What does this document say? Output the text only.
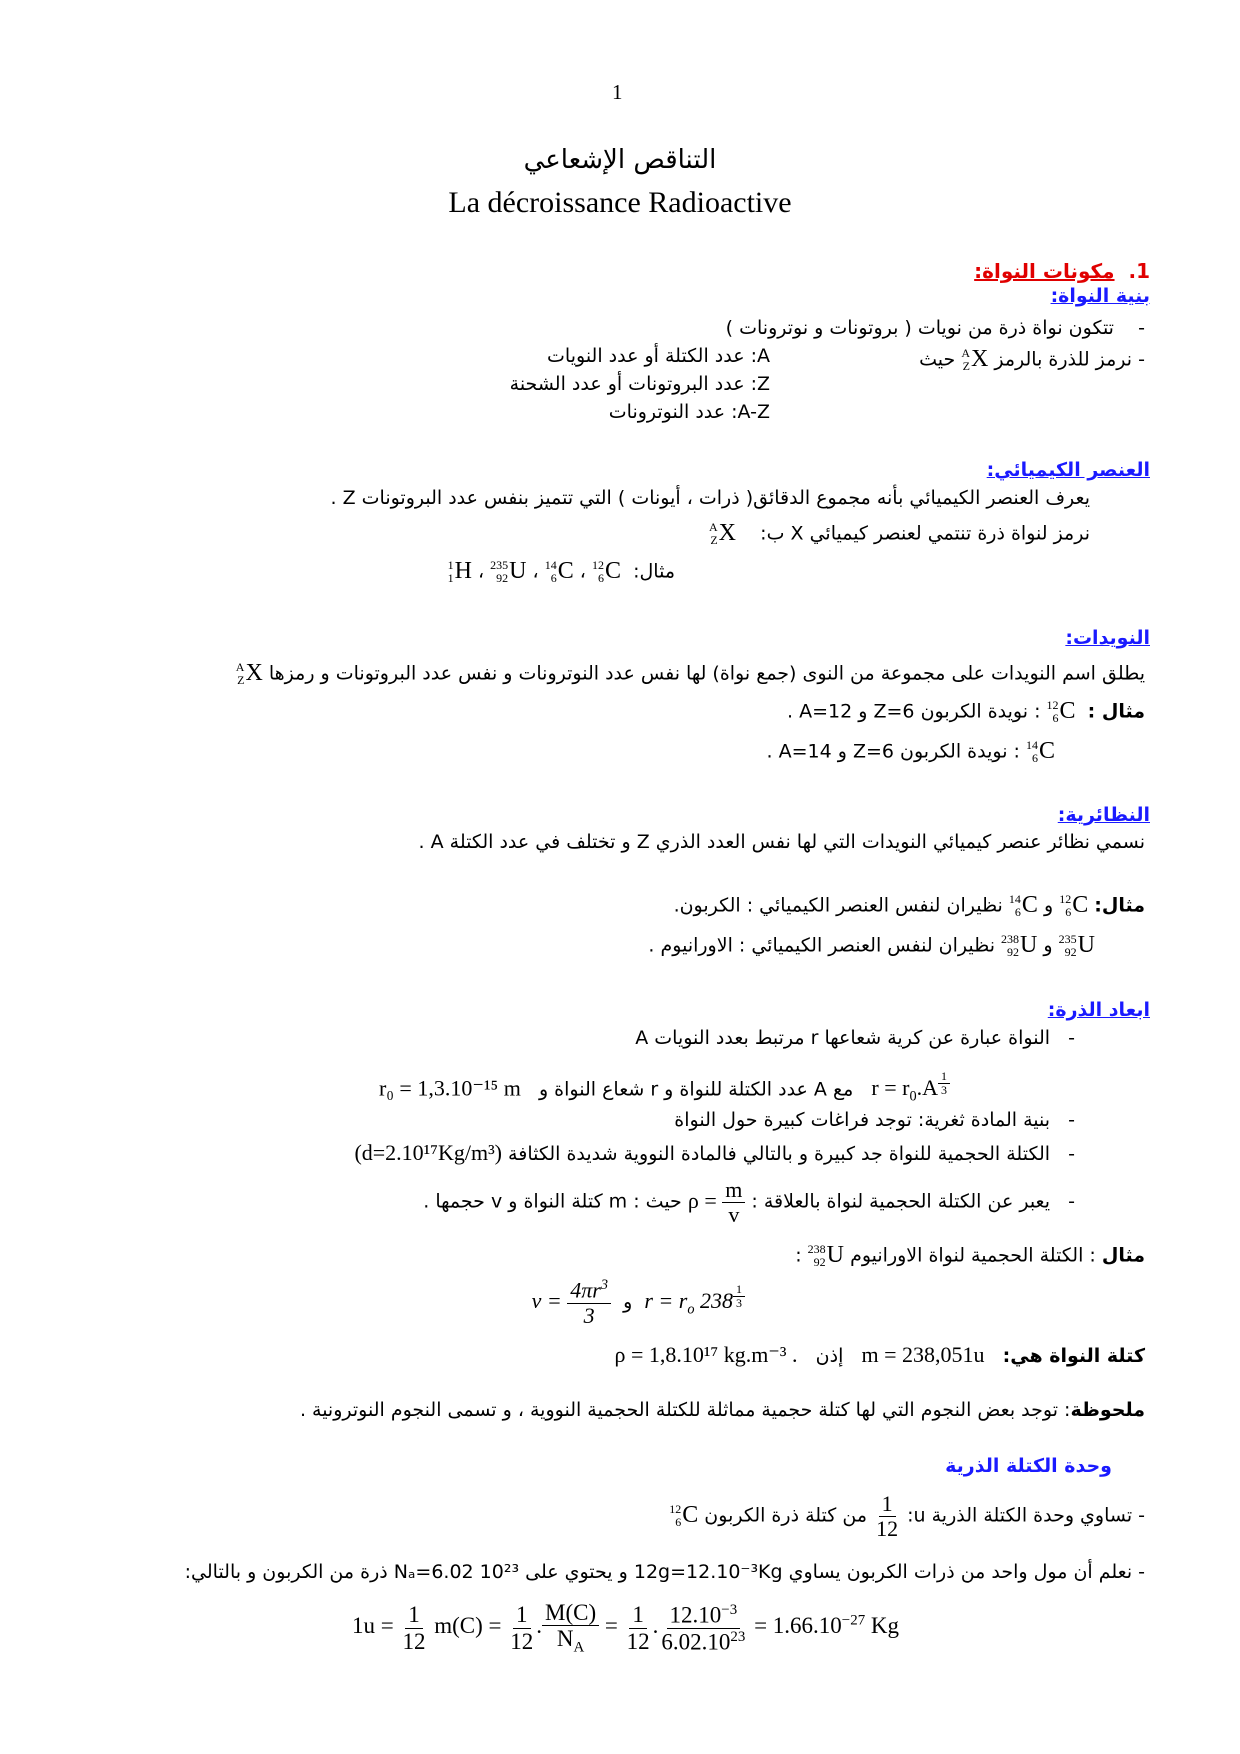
1
التناقص الإشعاعي
La décroissance Radioactive
1.  مكونات النواة:
بنية النواة:
-    تتكون نواة ذرة من نويات ( بروتونات و نوترونات )
- نرمز للذرة بالرمز
A
Z X
حيث
A: عدد الكتلة أو عدد النويات
Z: عدد البروتونات أو عدد الشحنة
A-Z: عدد النوترونات
العنصر الكيميائي:
يعرف العنصر الكيميائي بأنه مجموع الدقائق( ذرات ، أيونات ) التي تتميز بنفس عدد البروتونات Z .
نرمز لنواة ذرة تنتمي لعنصر كيميائي X ب:
A
Z X
مثال:
12
6 C
،
14
6 C
،
235
92 U
،
1
1 H
النويدات:
يطلق اسم النويدات على مجموعة من النوى (جمع نواة) لها نفس عدد النوترونات و نفس عدد البروتونات و رمزها
A
Z X
مثال :
12
6 C
: نويدة الكربون Z=6 و A=12 .
14
6 C
: نويدة الكربون Z=6 و A=14 .
النظائرية:
نسمي نظائر عنصر كيميائي النويدات التي لها نفس العدد الذري Z و تختلف في عدد الكتلة A .
مثال:
12
6 C
و
14
6 C
نظيران لنفس العنصر الكيميائي : الكربون.
235
92 U
و
238
92 U
نظيران لنفس العنصر الكيميائي : الاورانيوم .
ابعاد الذرة:
-   النواة عبارة عن كرية شعاعها r مرتبط بعدد النويات A
$r = r_0.A$ $^{\frac{1}{3}}$
مع A عدد الكتلة للنواة و r شعاع النواة و   r₀ = 1,3.10⁻¹⁵ m
-   بنية المادة ثغرية: توجد فراغات كبيرة حول النواة
-   الكتلة الحجمية للنواة جد كبيرة و بالتالي فالمادة النووية شديدة الكثافة (d=2.10¹⁷Kg/m³)
-   يعبر عن الكتلة الحجمية لنواة بالعلاقة : $\rho = \frac{m}{v}$
حيث : m كتلة النواة و v حجمها .
مثال : الكتلة الحجمية لنواة الاورانيوم
238
92 U
:
$r = r_o$ 238 $^{\frac{1}{3}}$
و  $v = \frac{4\pi r^3}{3}$
كتلة النواة هي:   m = 238,051u   إذن   ρ = 1,8.10¹⁷ kg.m⁻³ .
ملحوظة: توجد بعض النجوم التي لها كتلة حجمية مماثلة للكتلة الحجمية النووية ، و تسمى النجوم النوترونية .
وحدة الكتلة الذرية
- تساوي وحدة الكتلة الذرية u:
$\frac{1}{12}$
من كتلة ذرة الكربون
12
6 C
- نعلم أن مول واحد من ذرات الكربون يساوي 12g=12.10⁻³Kg و يحتوي على Nₐ=6.02 10²³ ذرة من الكربون و بالتالي:
$1u = \frac{1}{12} m(C) = \frac{1}{12}$ . $\frac{M(C)}{N_A} = \frac{1}{12}$ . $\frac{12.10^{-3}}{6.02.10^{23}} = 1.66.10^{-27}$ Kg
